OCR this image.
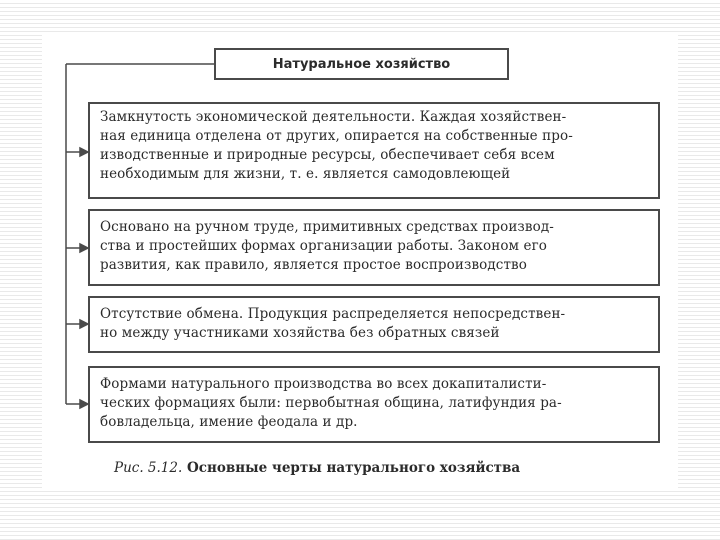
Натуральное хозяйство
Замкнутость экономической деятельности. Каждая хозяйствен-
ная единица отделена от других, опирается на собственные про-
изводственные и природные ресурсы, обеспечивает себя всем
необходимым для жизни, т. е. является самодовлеющей
Основано на ручном труде, примитивных средствах производ-
ства и простейших формах организации работы. Законом его
развития, как правило, является простое воспроизводство
Отсутствие обмена. Продукция распределяется непосредствен-
но между участниками хозяйства без обратных связей
Формами натурального производства во всех докапиталисти-
ческих формациях были: первобытная община, латифундия ра-
бовладельца, имение феодала и др.
Рис. 5.12. Основные черты натурального хозяйства
